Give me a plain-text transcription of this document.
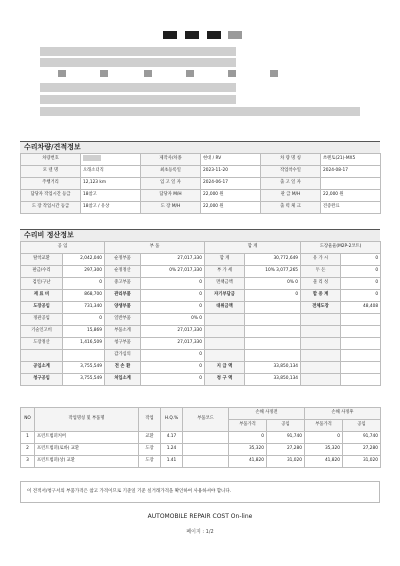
수리차량/견적정보
차량번호		제작사/차종	현대 / RV	차 량 명 칭	쏘렌토(21)-MX5
모 델 명	오래소더직	최초등록일	2023-11-20	작업착수일	2024-08-17
주행거리	12,123 km	입 고 일 자	2024-06-17	출 고 일 자	
담당자 작업시간 등급	18참고	담당자 M/H	22,000 원	관 급 M/H	22,000 원
도 장 작업시간 등급	18참고 / 유상	도 장 M/H	22,000 원	출 력 체 크	견증완료
수리비 정산정보
공 임		부 품		합 계		도장율율(M2P-2코트)	
탈착교환	2,042,040	순정부품	27,017,330	합 계	30,772,649	유 가 시	0
판금/수리	297,300	순정정산	0% 27,017,330	부 가 세	10% 3,077,265	두 돈	0
검인/구난	0	중고부품	0	면책금액	0% 0	물 리 성	0
재 료 비	868,700	관리부품	0	자기부담금	0	합 중 계	0
도장공임	731,340	양생부품	0	대위금액		전체도장	48,408
정관공임	0	일반부품	0% 0				
기술인고비	15,869	부품소계	27,017,330				
도장정산	1,416,509	청구부품	27,017,330				
		감가심의	0				
공임소계	3,755,549	전 손 환	0	지 급 액	33,850,134		
청구공임	3,755,549	처입소계	0	청 구 액	33,850,134		
NO	작업명칭 및 부품명	작업	H.Q.%	부품코드	손해 사정전		손해 사정후	
					부품가격	공임	부품가격	공임
1	프런트범퍼커버	교환	4.17		0	91,740	0	91,740
2	프런트범퍼(로바) 교환	도장	1.24		35,320	27,280	35,320	27,280
3	프런트범퍼(상) 교환	도장	1.41		41,820	31,020	41,820	31,020
이 견적서/청구서의 부품가격은 참고 가격이므로 기준일 기준 실거래가격을 확인하여 사용하셔야 합니다.
AUTOMOBILE REPAIR COST On-line
페이지 : 1/2
